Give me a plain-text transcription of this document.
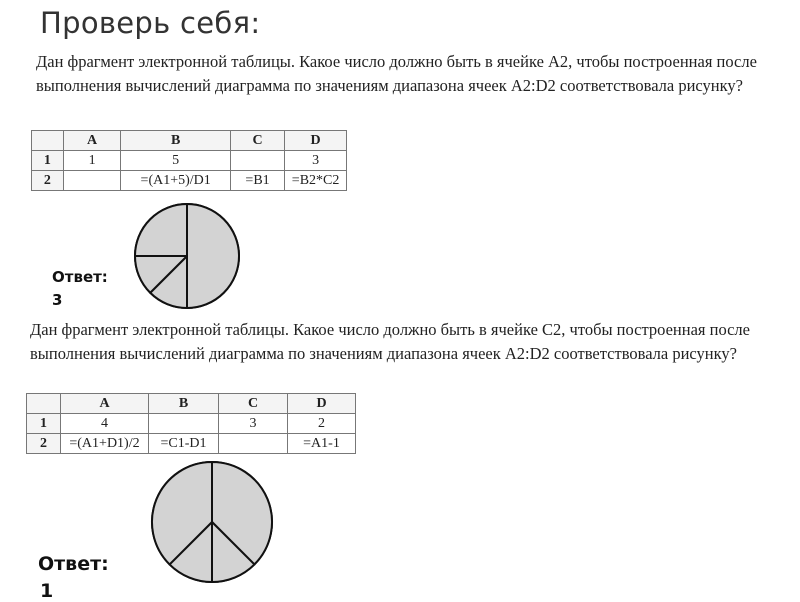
Проверь себя:
Дан фрагмент электронной таблицы. Какое число должно быть в ячейке А2, чтобы построенная после выполнения вычислений диаграмма по значениям диапазона ячеек А2:D2 соответствовала рисунку?
	A	B	C	D
1	1	5		3
2		=(A1+5)/D1	=B1	=B2*C2
Ответ:
3
Дан фрагмент электронной таблицы. Какое число должно быть в ячейке C2, чтобы построенная после выполнения вычислений диаграмма по значениям диапазона ячеек А2:D2 соответствовала рисунку?
	A	B	C	D
1	4		3	2
2	=(A1+D1)/2	=C1-D1		=A1-1
Ответ:
1
